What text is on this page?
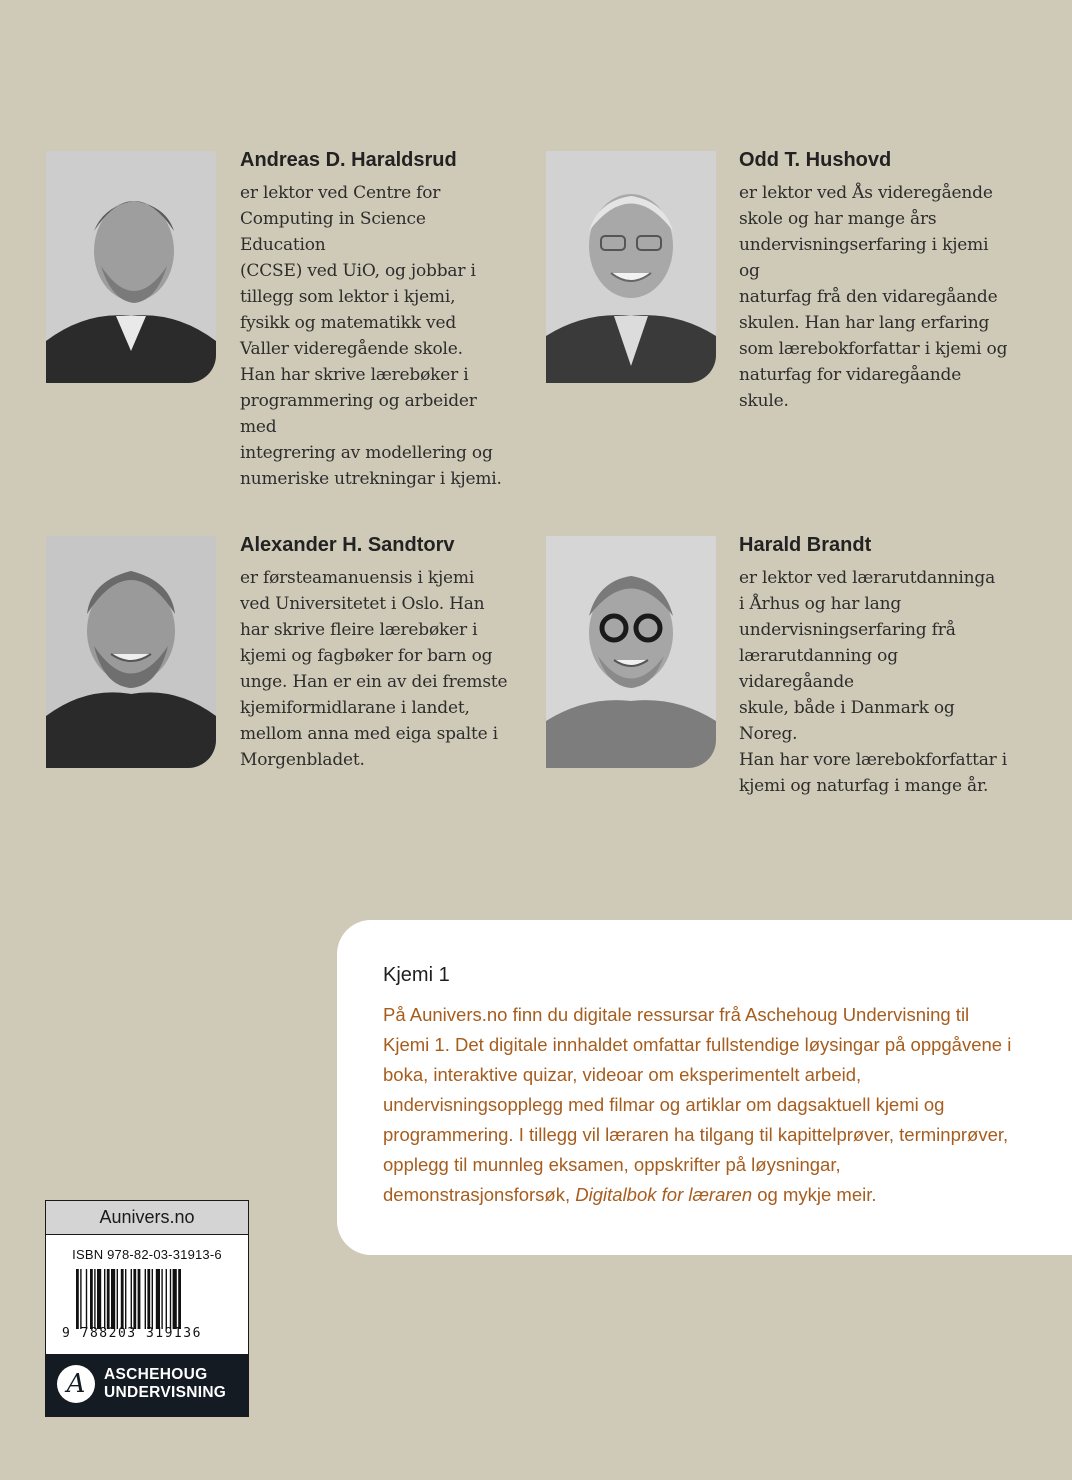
Andreas D. Haraldsrud

er lektor ved Centre for
Computing in Science Education
(CCSE) ved UiO, og jobbar i
tillegg som lektor i kjemi,
fysikk og matematikk ved
Valler videregående skole.
Han har skrive lærebøker i
programmering og arbeider med
integrering av modellering og
numeriske utrekningar i kjemi.

Odd T. Hushovd

er lektor ved Ås videregående
skole og har mange års
undervisningserfaring i kjemi og
naturfag frå den vidaregåande
skulen. Han har lang erfaring
som lærebokforfattar i kjemi og
naturfag for vidaregåande skule.

Alexander H. Sandtorv

er førsteamanuensis i kjemi
ved Universitetet i Oslo. Han
har skrive fleire lærebøker i
kjemi og fagbøker for barn og
unge. Han er ein av dei fremste
kjemiformidlarane i landet,
mellom anna med eiga spalte i
Morgenbladet.

Harald Brandt

er lektor ved lærarutdanninga
i Århus og har lang
undervisningserfaring frå
lærarutdanning og vidaregåande
skule, både i Danmark og Noreg.
Han har vore lærebokforfattar i
kjemi og naturfag i mange år.

Kjemi 1
På Aunivers.no finn du digitale ressursar frå Aschehoug Undervisning til Kjemi 1. Det digitale innhaldet omfattar fullstendige løysingar på oppgåvene i boka, interaktive quizar, videoar om eksperimentelt arbeid, undervisningsopplegg med filmar og artiklar om dagsaktuell kjemi og programmering. I tillegg vil læraren ha tilgang til kapittelprøver, terminprøver, opplegg til munnleg eksamen, oppskrifter på løysningar, demonstrasjonsforsøk, Digitalbok for læraren og mykje meir.
Aunivers.no
ISBN 978-82-03-31913-6
9 788203 319136
A	ASCHEHOUG
UNDERVISNING
